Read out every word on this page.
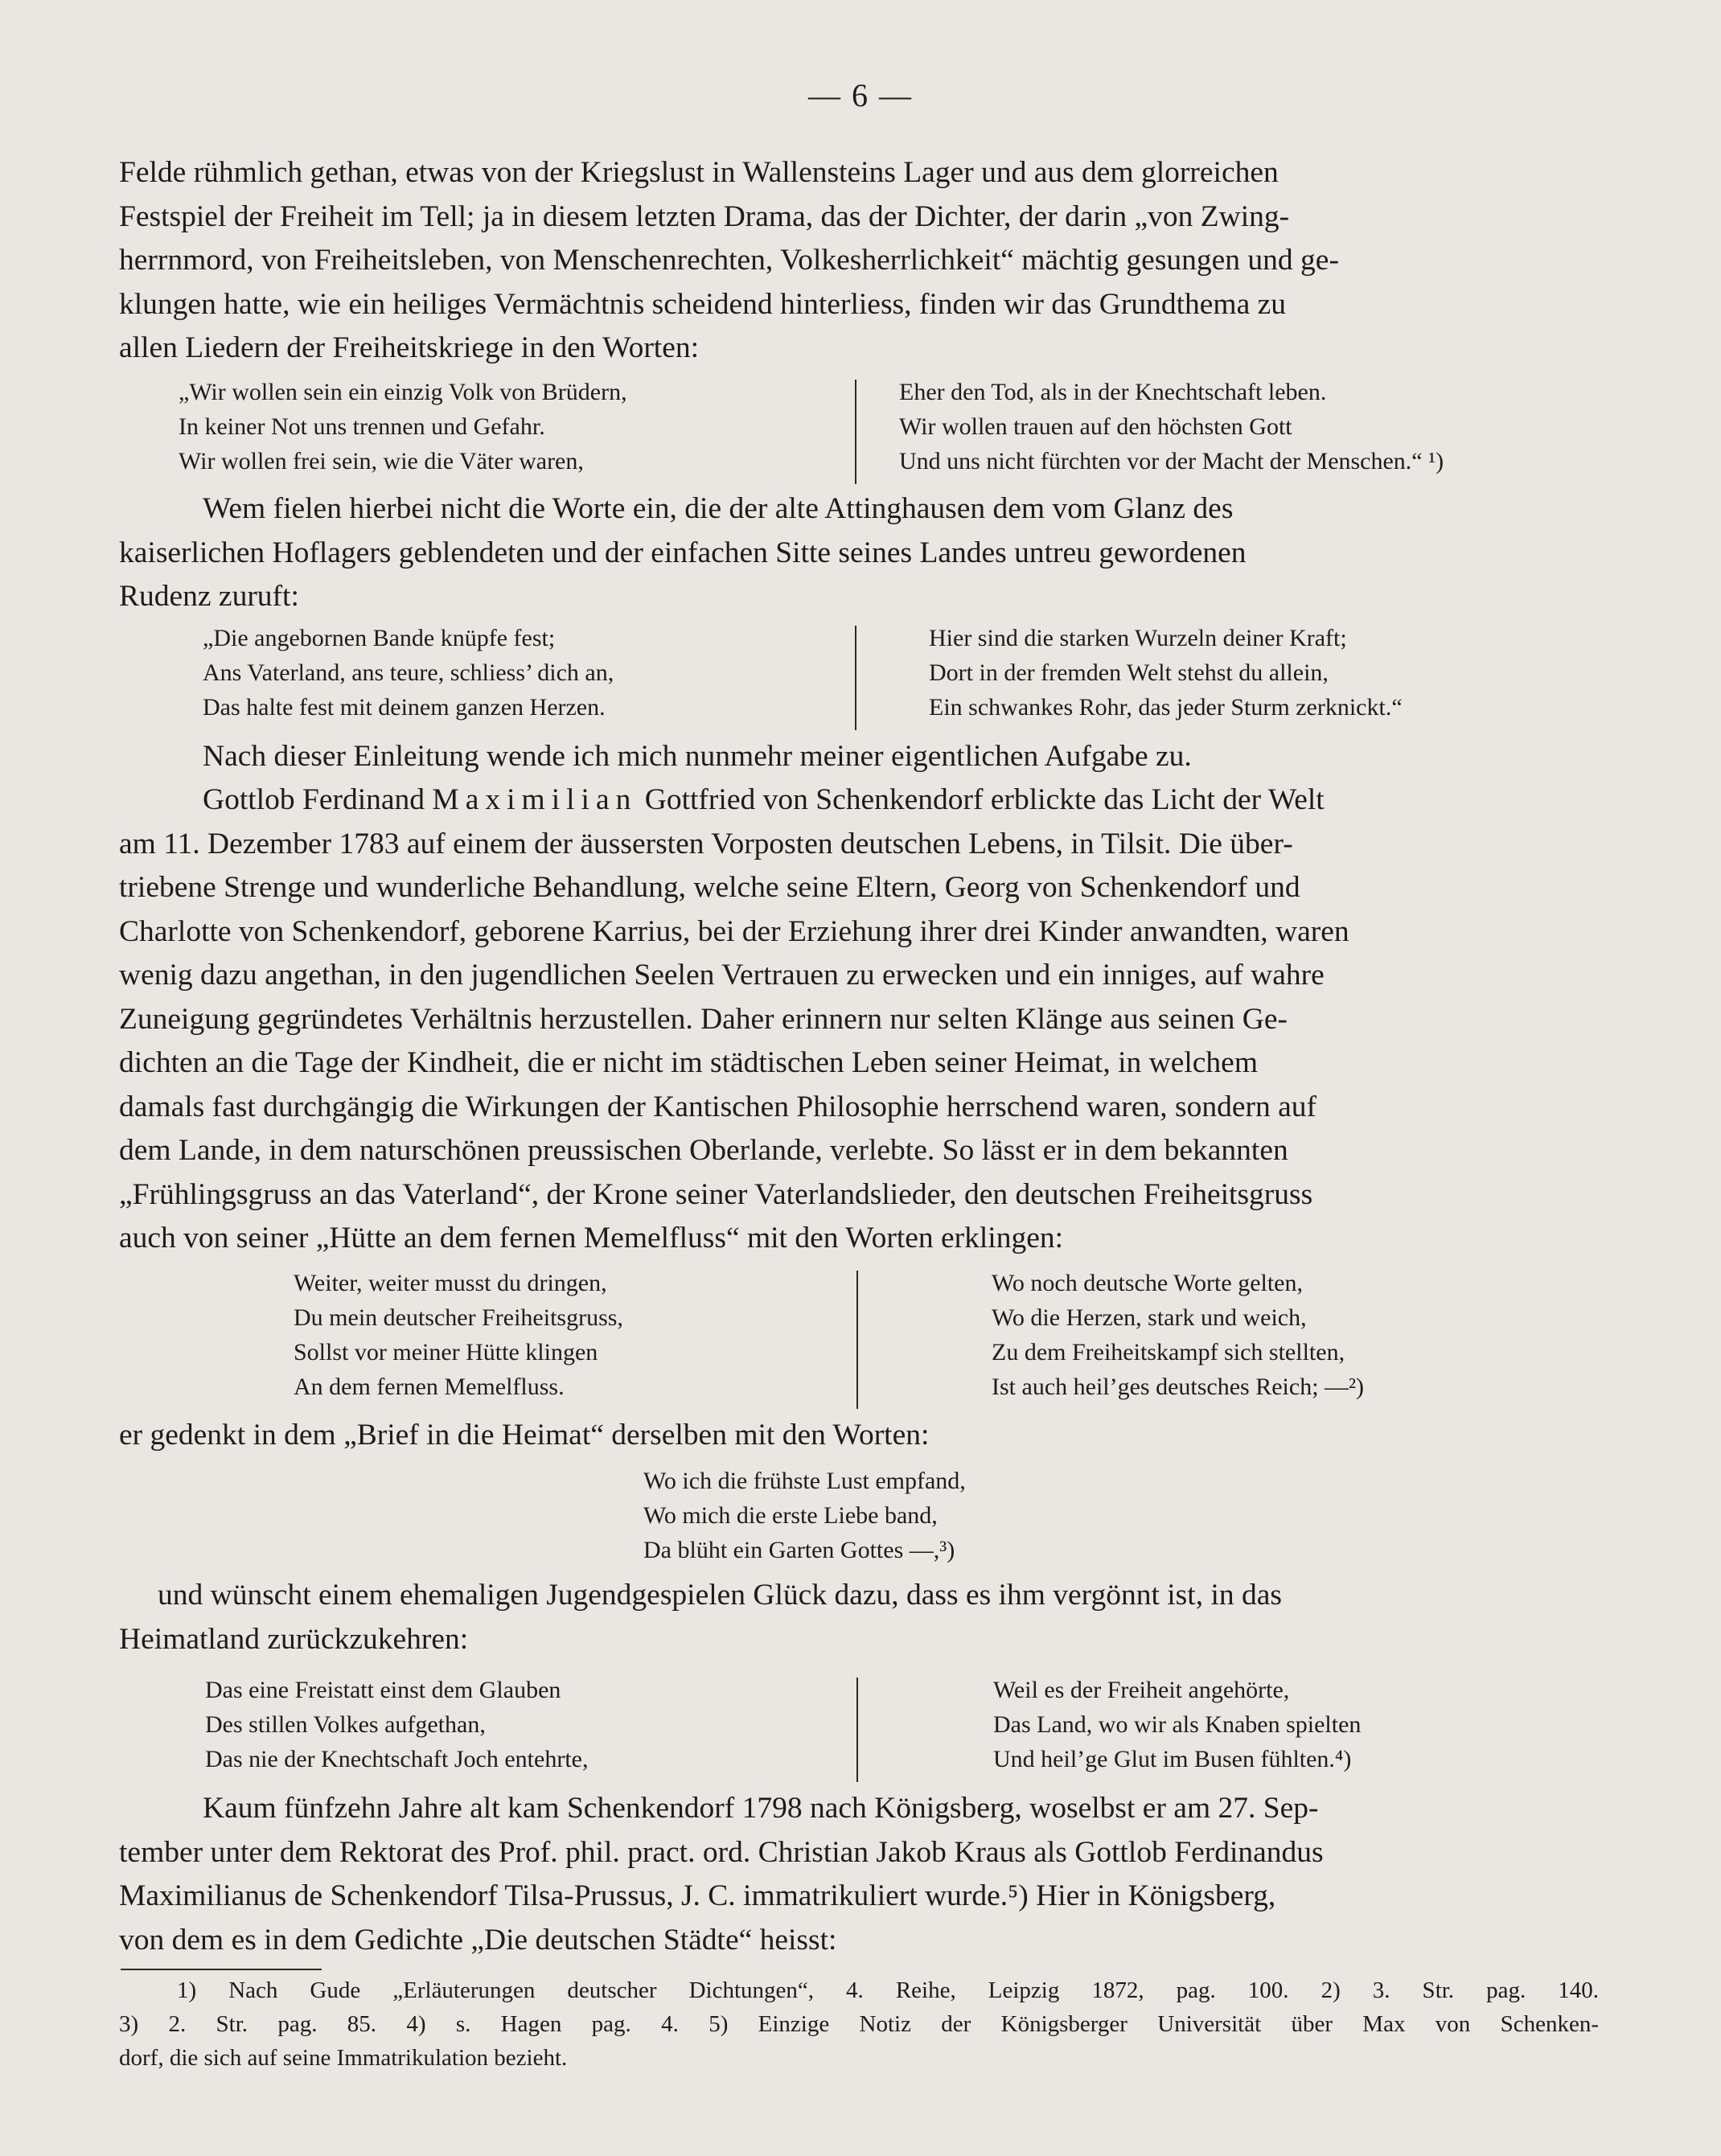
— 6 —

Felde rühmlich gethan, etwas von der Kriegslust in Wallensteins Lager und aus dem glorreichen

Festspiel der Freiheit im Tell; ja in diesem letzten Drama, das der Dichter, der darin „von Zwing-

herrnmord, von Freiheitsleben, von Menschenrechten, Volkesherrlichkeit“ mächtig gesungen und ge-

klungen hatte, wie ein heiliges Vermächtnis scheidend hinterliess, finden wir das Grundthema zu

allen Liedern der Freiheitskriege in den Worten:

„Wir wollen sein ein einzig Volk von Brüdern,
In keiner Not uns trennen und Gefahr.
Wir wollen frei sein, wie die Väter waren,
Eher den Tod, als in der Knechtschaft leben.
Wir wollen trauen auf den höchsten Gott
Und uns nicht fürchten vor der Macht der Menschen.“ ¹)

Wem fielen hierbei nicht die Worte ein, die der alte Attinghausen dem vom Glanz des

kaiserlichen Hoflagers geblendeten und der einfachen Sitte seines Landes untreu gewordenen

Rudenz zuruft:

„Die angebornen Bande knüpfe fest;
Ans Vaterland, ans teure, schliess’ dich an,
Das halte fest mit deinem ganzen Herzen.
Hier sind die starken Wurzeln deiner Kraft;
Dort in der fremden Welt stehst du allein,
Ein schwankes Rohr, das jeder Sturm zerknickt.“

Nach dieser Einleitung wende ich mich nunmehr meiner eigentlichen Aufgabe zu.

Gottlob Ferdinand Maximilian Gottfried von Schenkendorf erblickte das Licht der Welt

am 11. Dezember 1783 auf einem der äussersten Vorposten deutschen Lebens, in Tilsit. Die über-

triebene Strenge und wunderliche Behandlung, welche seine Eltern, Georg von Schenkendorf und

Charlotte von Schenkendorf, geborene Karrius, bei der Erziehung ihrer drei Kinder anwandten, waren

wenig dazu angethan, in den jugendlichen Seelen Vertrauen zu erwecken und ein inniges, auf wahre

Zuneigung gegründetes Verhältnis herzustellen. Daher erinnern nur selten Klänge aus seinen Ge-

dichten an die Tage der Kindheit, die er nicht im städtischen Leben seiner Heimat, in welchem

damals fast durchgängig die Wirkungen der Kantischen Philosophie herrschend waren, sondern auf

dem Lande, in dem naturschönen preussischen Oberlande, verlebte. So lässt er in dem bekannten

„Frühlingsgruss an das Vaterland“, der Krone seiner Vaterlandslieder, den deutschen Freiheitsgruss

auch von seiner „Hütte an dem fernen Memelfluss“ mit den Worten erklingen:

Weiter, weiter musst du dringen,
Du mein deutscher Freiheitsgruss,
Sollst vor meiner Hütte klingen
An dem fernen Memelfluss.
Wo noch deutsche Worte gelten,
Wo die Herzen, stark und weich,
Zu dem Freiheitskampf sich stellten,
Ist auch heil’ges deutsches Reich; —²)

er gedenkt in dem „Brief in die Heimat“ derselben mit den Worten:

Wo ich die frühste Lust empfand,
Wo mich die erste Liebe band,
Da blüht ein Garten Gottes —,³)

und wünscht einem ehemaligen Jugendgespielen Glück dazu, dass es ihm vergönnt ist, in das

Heimatland zurückzukehren:

Das eine Freistatt einst dem Glauben
Des stillen Volkes aufgethan,
Das nie der Knechtschaft Joch entehrte,
Weil es der Freiheit angehörte,
Das Land, wo wir als Knaben spielten
Und heil’ge Glut im Busen fühlten.⁴)

Kaum fünfzehn Jahre alt kam Schenkendorf 1798 nach Königsberg, woselbst er am 27. Sep-

tember unter dem Rektorat des Prof. phil. pract. ord. Christian Jakob Kraus als Gottlob Ferdinandus

Maximilianus de Schenkendorf Tilsa-Prussus, J. C. immatrikuliert wurde.⁵) Hier in Königsberg,

von dem es in dem Gedichte „Die deutschen Städte“ heisst:

1) Nach Gude „Erläuterungen deutscher Dichtungen“, 4. Reihe, Leipzig 1872, pag. 100. 2) 3. Str. pag. 140.
3) 2. Str. pag. 85. 4) s. Hagen pag. 4. 5) Einzige Notiz der Königsberger Universität über Max von Schenken-
dorf, die sich auf seine Immatrikulation bezieht.
